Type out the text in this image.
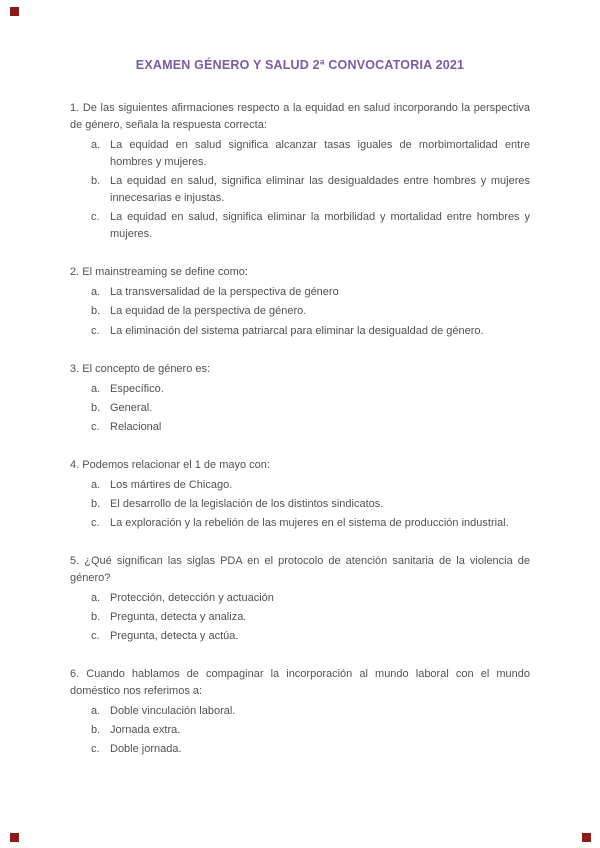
EXAMEN GÉNERO Y SALUD 2ª CONVOCATORIA 2021

1. De las siguientes afirmaciones respecto a la equidad en salud incorporando la perspectiva de género, señala la respuesta correcta:

a. La equidad en salud significa alcanzar tasas iguales de morbimortalidad entre hombres y mujeres.
b. La equidad en salud, significa eliminar las desigualdades entre hombres y mujeres innecesarias e injustas.
c. La equidad en salud, significa eliminar la morbilidad y mortalidad entre hombres y mujeres.

2. El mainstreaming se define como:

a. La transversalidad de la perspectiva de género
b. La equidad de la perspectiva de género.
c. La eliminación del sistema patriarcal para eliminar la desigualdad de género.

3. El concepto de género es:

a. Específico.
b. General.
c. Relacional

4. Podemos relacionar el 1 de mayo con:

a. Los mártires de Chicago.
b. El desarrollo de la legislación de los distintos sindicatos.
c. La exploración y la rebelión de las mujeres en el sistema de producción industrial.

5. ¿Qué significan las siglas PDA en el protocolo de atención sanitaria de la violencia de género?

a. Protección, detección y actuación
b. Pregunta, detecta y analiza.
c. Pregunta, detecta y actúa.

6. Cuando hablamos de compaginar la incorporación al mundo laboral con el mundo doméstico nos referimos a:

a. Doble vinculación laboral.
b. Jornada extra.
c. Doble jornada.
